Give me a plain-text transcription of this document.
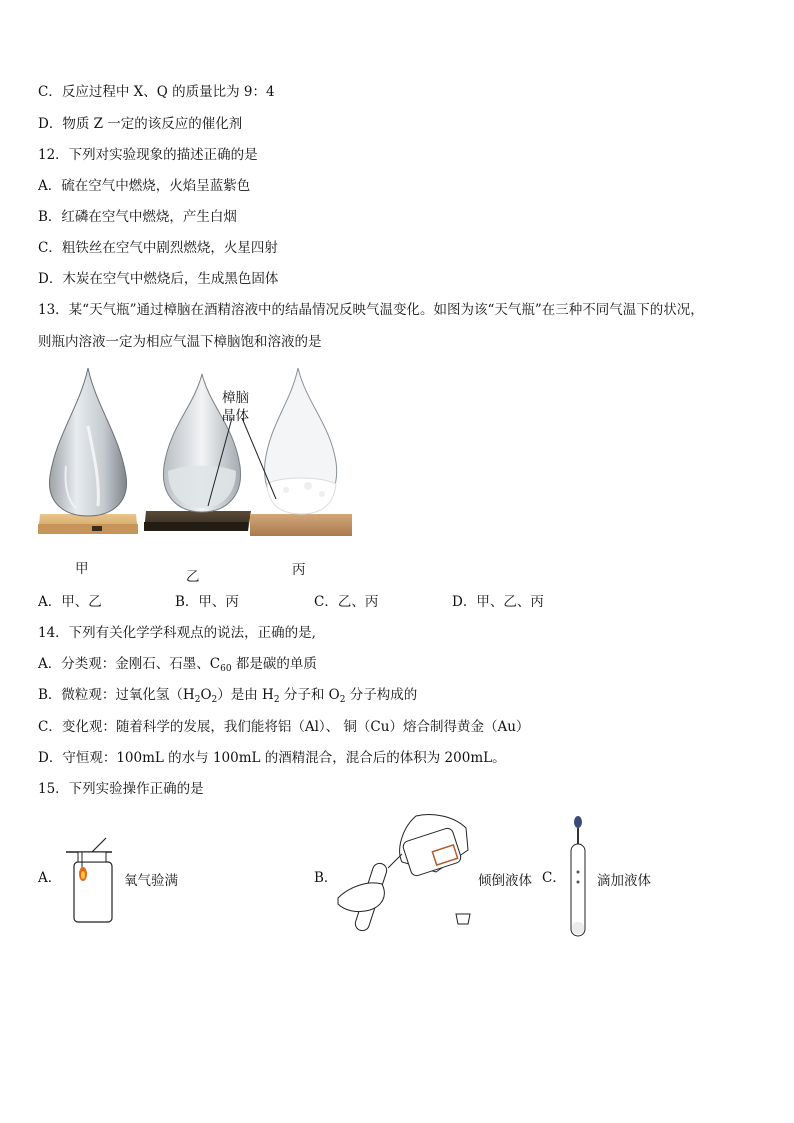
C．反应过程中 X、Q 的质量比为 9：4
D．物质 Z 一定的该反应的催化剂
12．下列对实验现象的描述正确的是
A．硫在空气中燃烧，火焰呈蓝紫色
B．红磷在空气中燃烧，产生白烟
C．粗铁丝在空气中剧烈燃烧，火星四射
D．木炭在空气中燃烧后，生成黑色固体
13．某“天气瓶”通过樟脑在酒精溶液中的结晶情况反映气温变化。如图为该“天气瓶”在三种不同气温下的状况，
则瓶内溶液一定为相应气温下樟脑饱和溶液的是
樟脑
晶体
甲	乙	丙
A．甲、乙	B．甲、丙	C．乙、丙	D．甲、乙、丙
14．下列有关化学学科观点的说法，正确的是,
A．分类观：金刚石、石墨、$C_{60}$ 都是碳的单质
B．微粒观：过氧化氢$(H_2O_2)$是由 $H_2$ 分子和 $O_2$ 分子构成的
C．变化观：随着科学的发展，我们能将铝（Al）、 铜（Cu）熔合制得黄金（Au）
D．守恒观：100mL 的水与 100mL 的酒精混合，混合后的体积为 200mL。
15．下列实验操作正确的是
A．	氧气验满	B．	倾倒液体 C． 滴加液体
